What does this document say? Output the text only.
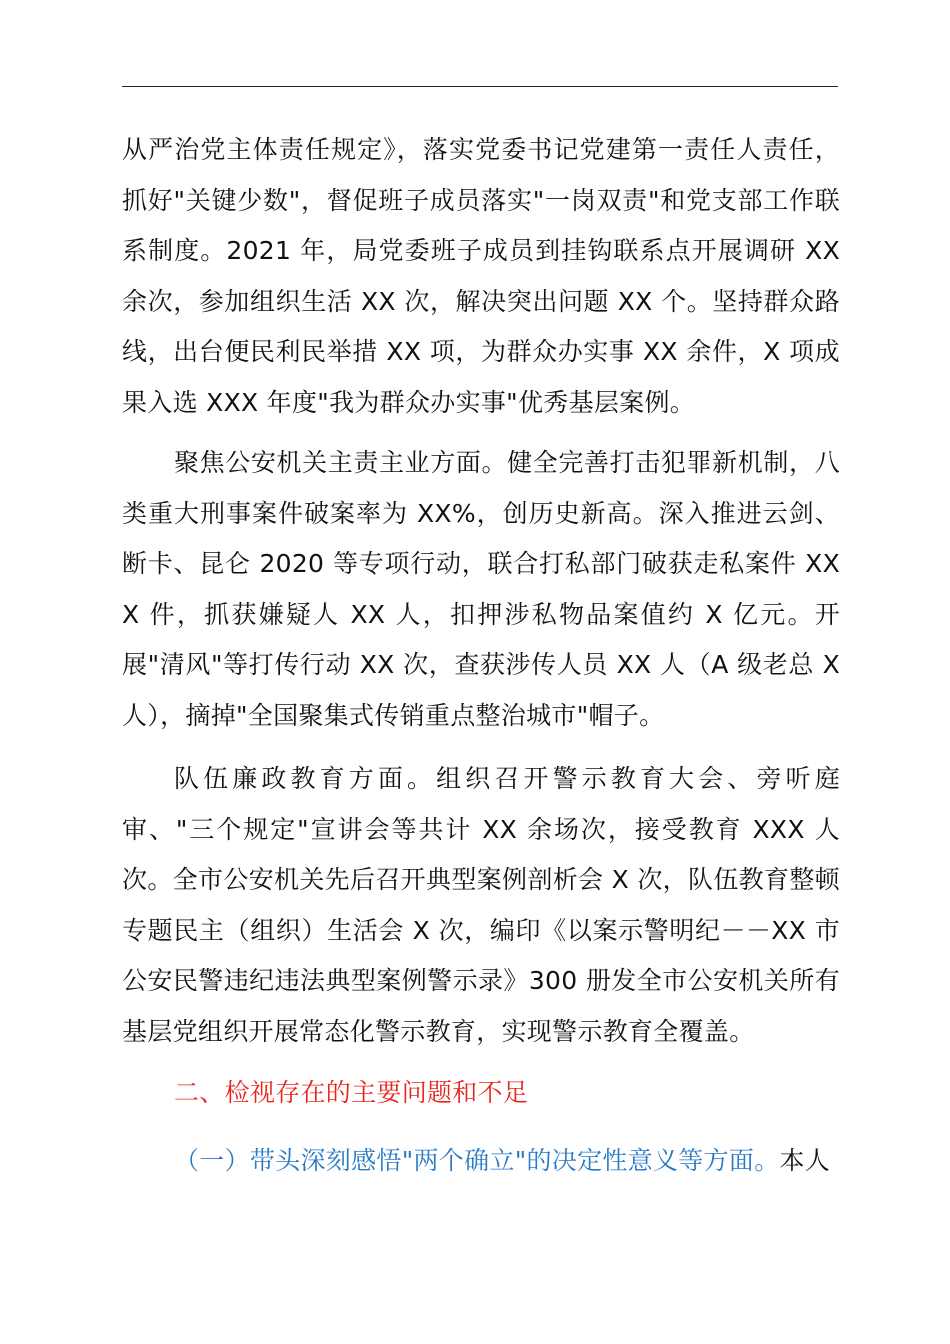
从严治党主体责任规定》，落实党委书记党建第一责任人责任，抓好"关键少数"，督促班子成员落实"一岗双责"和党支部工作联系制度。2021 年，局党委班子成员到挂钩联系点开展调研 XX 余次，参加组织生活 XX 次，解决突出问题 XX 个。坚持群众路线，出台便民利民举措 XX 项，为群众办实事 XX 余件，X 项成果入选 XXX 年度"我为群众办实事"优秀基层案例。

聚焦公安机关主责主业方面。健全完善打击犯罪新机制，八类重大刑事案件破案率为 XX%，创历史新高。深入推进云剑、断卡、昆仑 2020 等专项行动，联合打私部门破获走私案件 XXX 件，抓获嫌疑人 XX 人，扣押涉私物品案值约 X 亿元。开展"清风"等打传行动 XX 次，查获涉传人员 XX 人（A 级老总 X 人），摘掉"全国聚集式传销重点整治城市"帽子。

队伍廉政教育方面。组织召开警示教育大会、旁听庭审、"三个规定"宣讲会等共计 XX 余场次，接受教育 XXX 人次。全市公安机关先后召开典型案例剖析会 X 次，队伍教育整顿专题民主（组织）生活会 X 次，编印《以案示警明纪－－XX 市公安民警违纪违法典型案例警示录》300 册发全市公安机关所有基层党组织开展常态化警示教育，实现警示教育全覆盖。

二、检视存在的主要问题和不足

（一）带头深刻感悟"两个确立"的决定性意义等方面。本人
